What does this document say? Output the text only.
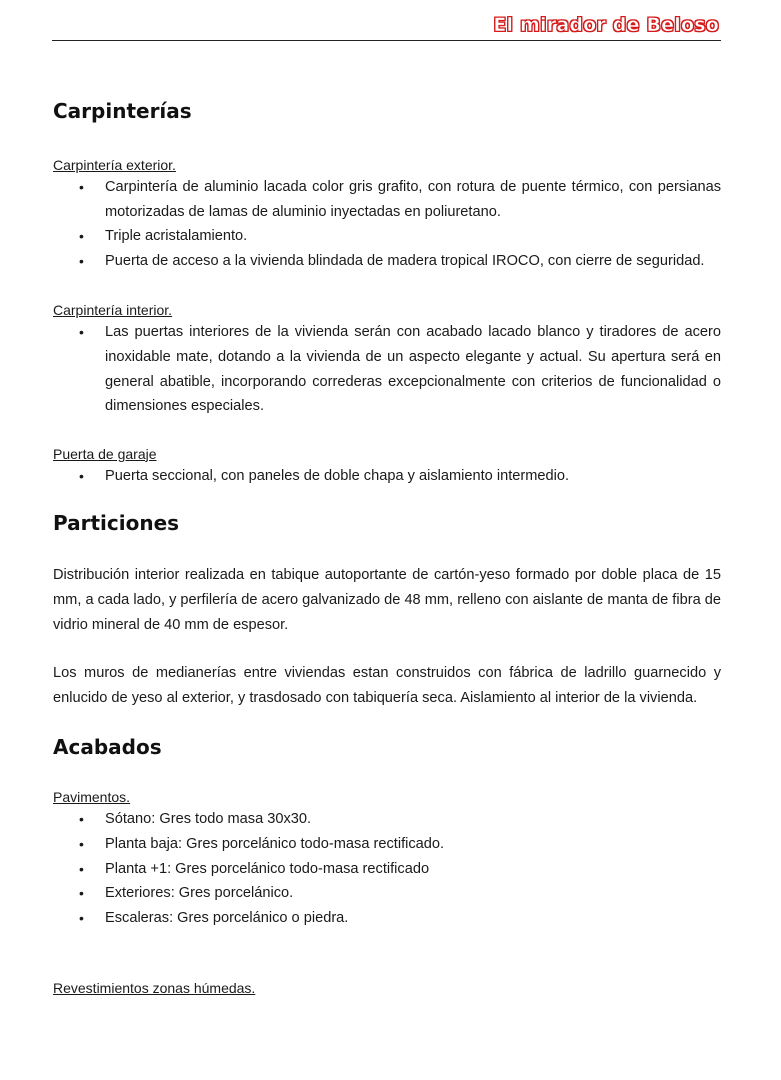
El mirador de Beloso
Carpinterías

Carpintería exterior.

• Carpintería de aluminio lacada color gris grafito, con rotura de puente térmico, con persianas motorizadas de lamas de aluminio inyectadas en poliuretano.
• Triple acristalamiento.
• Puerta de acceso a la vivienda blindada de madera tropical IROCO, con cierre de seguridad.

Carpintería interior.

• Las puertas interiores de la vivienda serán con acabado lacado blanco y tiradores de acero inoxidable mate, dotando a la vivienda de un aspecto elegante y actual. Su apertura será en general abatible, incorporando correderas excepcionalmente con criterios de funcionalidad o dimensiones especiales.

Puerta de garaje

• Puerta seccional, con paneles de doble chapa y aislamiento intermedio.
Particiones

Distribución interior realizada en tabique autoportante de cartón-yeso formado por doble placa de 15 mm, a cada lado, y perfilería de acero galvanizado de 48 mm, relleno con aislante de manta de fibra de vidrio mineral de 40 mm de espesor.

Los muros de medianerías entre viviendas estan construidos con fábrica de ladrillo guarnecido y enlucido de yeso al exterior, y trasdosado con tabiquería seca. Aislamiento al interior de la vivienda.

Acabados

Pavimentos.

• Sótano: Gres todo masa 30x30.
• Planta baja: Gres porcelánico todo-masa rectificado.
• Planta +1: Gres porcelánico todo-masa rectificado
• Exteriores: Gres porcelánico.
• Escaleras: Gres porcelánico o piedra.

Revestimientos zonas húmedas.
